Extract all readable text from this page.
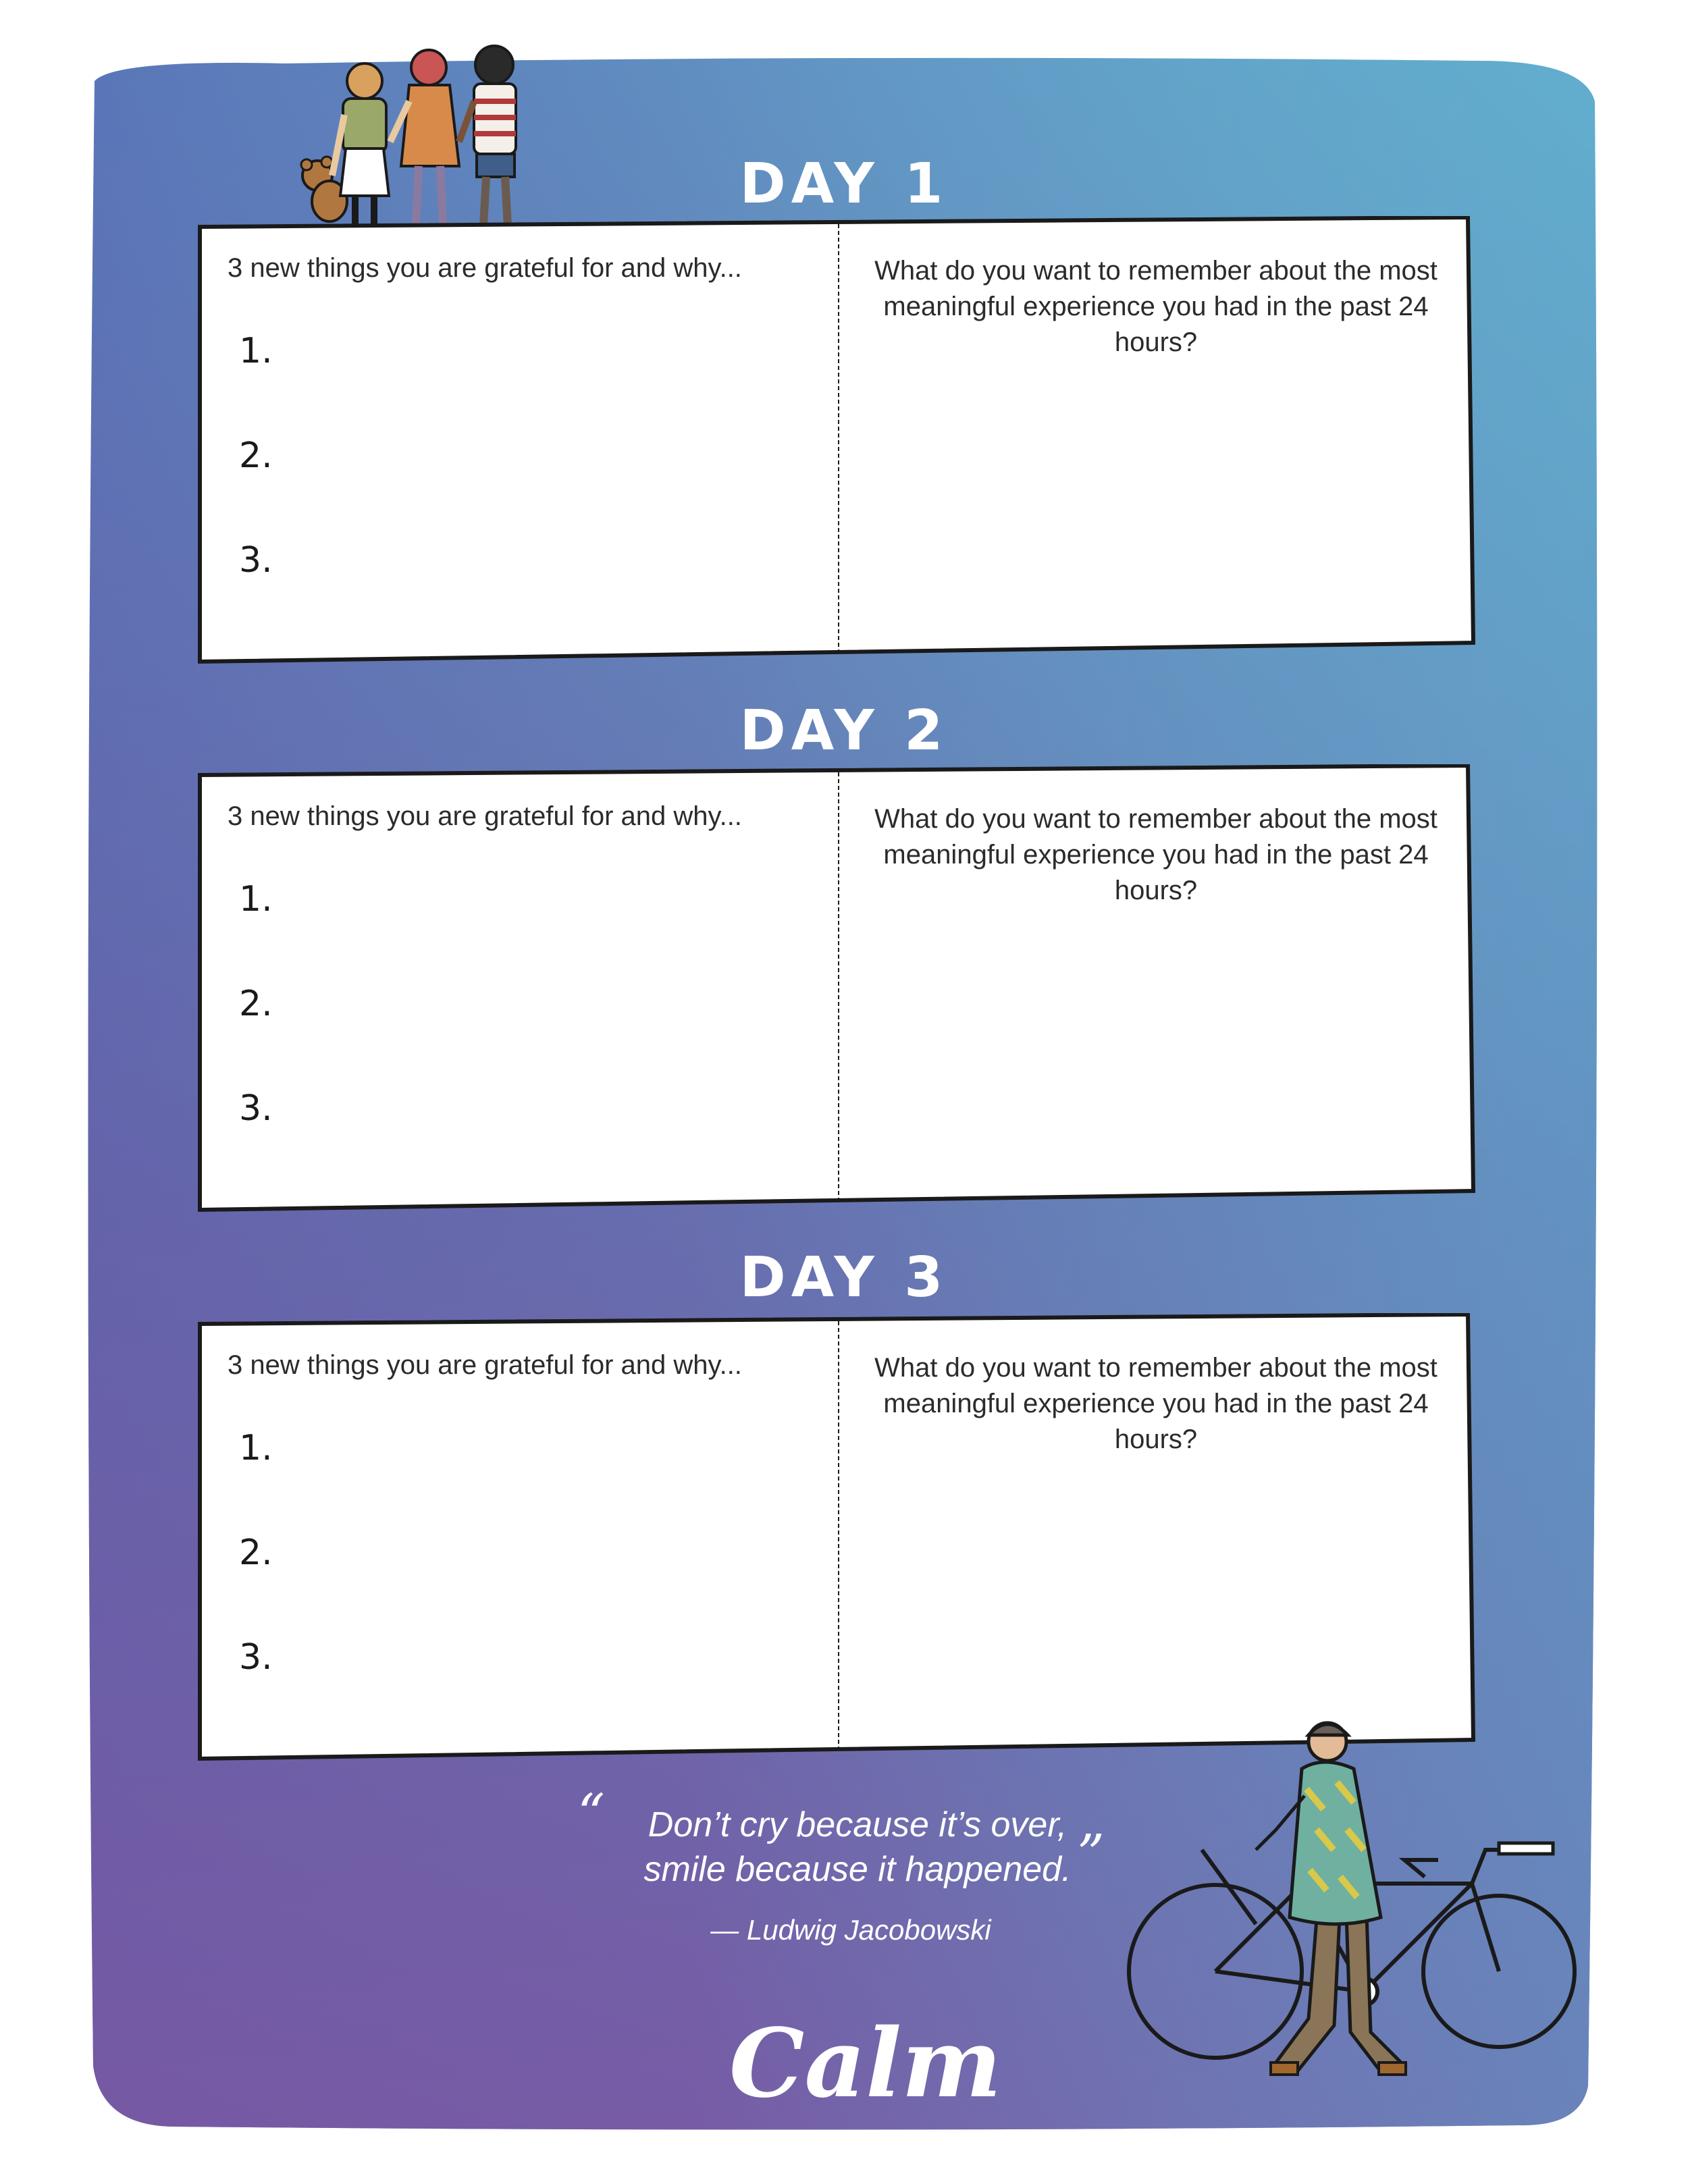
DAY 1
3 new things you are grateful for and why...	What do you want to remember about the most meaningful experience you had in the past 24 hours?
1.
2.
3.
DAY 2
3 new things you are grateful for and why...	What do you want to remember about the most meaningful experience you had in the past 24 hours?
1.
2.
3.
DAY 3
3 new things you are grateful for and why...	What do you want to remember about the most meaningful experience you had in the past 24 hours?
1.
2.
3.
“	Don’t cry because it’s over,
smile because it happened. ”
— Ludwig Jacobowski
Calm
